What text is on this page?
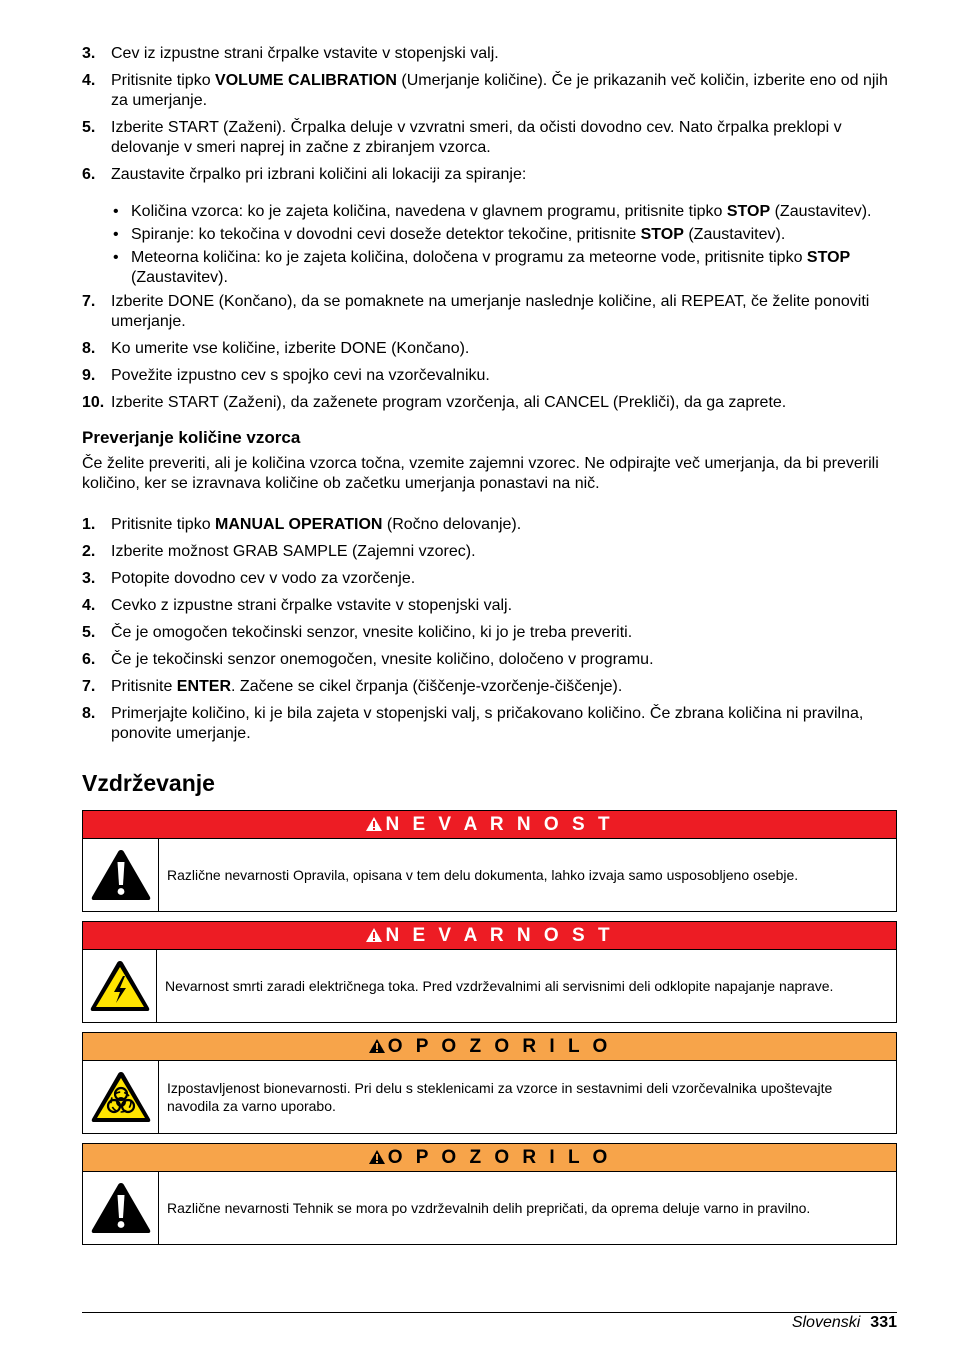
3. Cev iz izpustne strani črpalke vstavite v stopenjski valj.
4. Pritisnite tipko VOLUME CALIBRATION (Umerjanje količine). Če je prikazanih več količin, izberite eno od njih za umerjanje.
5. Izberite START (Zaženi). Črpalka deluje v vzvratni smeri, da očisti dovodno cev. Nato črpalka preklopi v delovanje v smeri naprej in začne z zbiranjem vzorca.
6. Zaustavite črpalko pri izbrani količini ali lokaciji za spiranje:
• Količina vzorca: ko je zajeta količina, navedena v glavnem programu, pritisnite tipko STOP (Zaustavitev).
• Spiranje: ko tekočina v dovodni cevi doseže detektor tekočine, pritisnite STOP (Zaustavitev).
• Meteorna količina: ko je zajeta količina, določena v programu za meteorne vode, pritisnite tipko STOP (Zaustavitev).
7. Izberite DONE (Končano), da se pomaknete na umerjanje naslednje količine, ali REPEAT, če želite ponoviti umerjanje.
8. Ko umerite vse količine, izberite DONE (Končano).
9. Povežite izpustno cev s spojko cevi na vzorčevalniku.
10. Izberite START (Zaženi), da zaženete program vzorčenja, ali CANCEL (Prekliči), da ga zaprete.
Preverjanje količine vzorca

Če želite preveriti, ali je količina vzorca točna, vzemite zajemni vzorec. Ne odpirajte več umerjanja, da bi preverili količino, ker se izravnava količine ob začetku umerjanja ponastavi na nič.

1. Pritisnite tipko MANUAL OPERATION (Ročno delovanje).
2. Izberite možnost GRAB SAMPLE (Zajemni vzorec).
3. Potopite dovodno cev v vodo za vzorčenje.
4. Cevko z izpustne strani črpalke vstavite v stopenjski valj.
5. Če je omogočen tekočinski senzor, vnesite količino, ki jo je treba preveriti.
6. Če je tekočinski senzor onemogočen, vnesite količino, določeno v programu.
7. Pritisnite ENTER. Začene se cikel črpanja (čiščenje-vzorčenje-čiščenje).
8. Primerjajte količino, ki je bila zajeta v stopenjski valj, s pričakovano količino. Če zbrana količina ni pravilna, ponovite umerjanje.
Vzdrževanje
N E V A R N O S T
Različne nevarnosti Opravila, opisana v tem delu dokumenta, lahko izvaja samo usposobljeno osebje.
N E V A R N O S T
Nevarnost smrti zaradi električnega toka. Pred vzdrževalnimi ali servisnimi deli odklopite napajanje naprave.
O P O Z O R I L O
Izpostavljenost bionevarnosti. Pri delu s steklenicami za vzorce in sestavnimi deli vzorčevalnika upoštevajte navodila za varno uporabo.
O P O Z O R I L O
Različne nevarnosti Tehnik se mora po vzdrževalnih delih prepričati, da oprema deluje varno in pravilno.
Slovenski 331
